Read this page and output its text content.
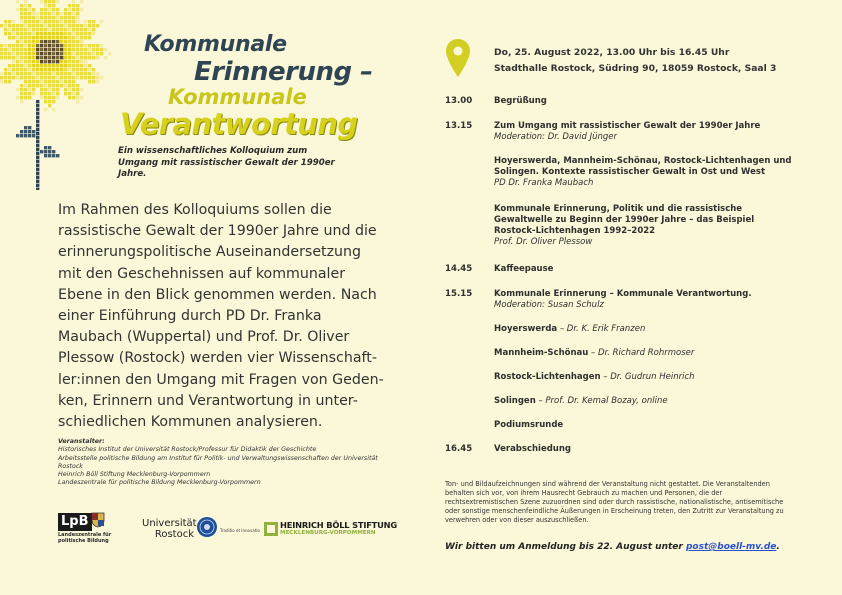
Kommunale
Erinnerung –
Kommunale
Verantwortung
Ein wissenschaftliches Kolloquium zum Umgang mit rassistischer Gewalt der 1990er Jahre.
Im Rahmen des Kolloquiums sollen die rassistische Gewalt der 1990er Jahre und die erinnerungspolitische Auseinandersetzung mit den Geschehnissen auf kommunaler Ebene in den Blick genommen werden. Nach einer Einführung durch PD Dr. Franka Maubach (Wuppertal) und Prof. Dr. Oliver Plessow (Rostock) werden vier Wissenschaft-ler:innen den Umgang mit Fragen von Geden-ken, Erinnern und Verantwortung in unter-schiedlichen Kommunen analysieren.
Veranstalter:
Historisches Institut der Universität Rostock/Professur für Didaktik der Geschichte
Arbeitsstelle politische Bildung am Institut für Politik- und Verwaltungswissenschaften der Universität Rostock
Heinrich Böll Stiftung Mecklenburg-Vorpommern
Landeszentrale für politische Bildung Mecklenburg-Vorpommern
LpB
Landeszentrale für politische Bildung
Universität
Rostock	Traditio et Innovatio
HEINRICH BÖLL STIFTUNG
MECKLENBURG-VORPOMMERN
Do, 25. August 2022, 13.00 Uhr bis 16.45 Uhr
Stadthalle Rostock, Südring 90, 18059 Rostock, Saal 3
13.00	Begrüßung
13.15	Zum Umgang mit rassistischer Gewalt der 1990er Jahre
Moderation: Dr. David Jünger
Hoyerswerda, Mannheim-Schönau, Rostock-Lichtenhagen und Solingen. Kontexte rassistischer Gewalt in Ost und West
PD Dr. Franka Maubach
Kommunale Erinnerung, Politik und die rassistische Gewaltwelle zu Beginn der 1990er Jahre – das Beispiel Rostock-Lichtenhagen 1992–2022
Prof. Dr. Oliver Plessow
14.45	Kaffeepause
15.15	Kommunale Erinnerung – Kommunale Verantwortung.
Moderation: Susan Schulz
Hoyerswerda – Dr. K. Erik Franzen
Mannheim-Schönau – Dr. Richard Rohrmoser
Rostock-Lichtenhagen – Dr. Gudrun Heinrich
Solingen – Prof. Dr. Kemal Bozay, online
Podiumsrunde
16.45	Verabschiedung
Ton- und Bildaufzeichnungen sind während der Veranstaltung nicht gestattet. Die Veranstaltenden behalten sich vor, von ihrem Hausrecht Gebrauch zu machen und Personen, die der rechtsextremistischen Szene zuzuordnen sind oder durch rassistische, nationalistische, antisemitische oder sonstige menschenfeindliche Äußerungen in Erscheinung treten, den Zutritt zur Veranstaltung zu verwehren oder von dieser auszuschließen.
Wir bitten um Anmeldung bis 22. August unter post@boell-mv.de.
